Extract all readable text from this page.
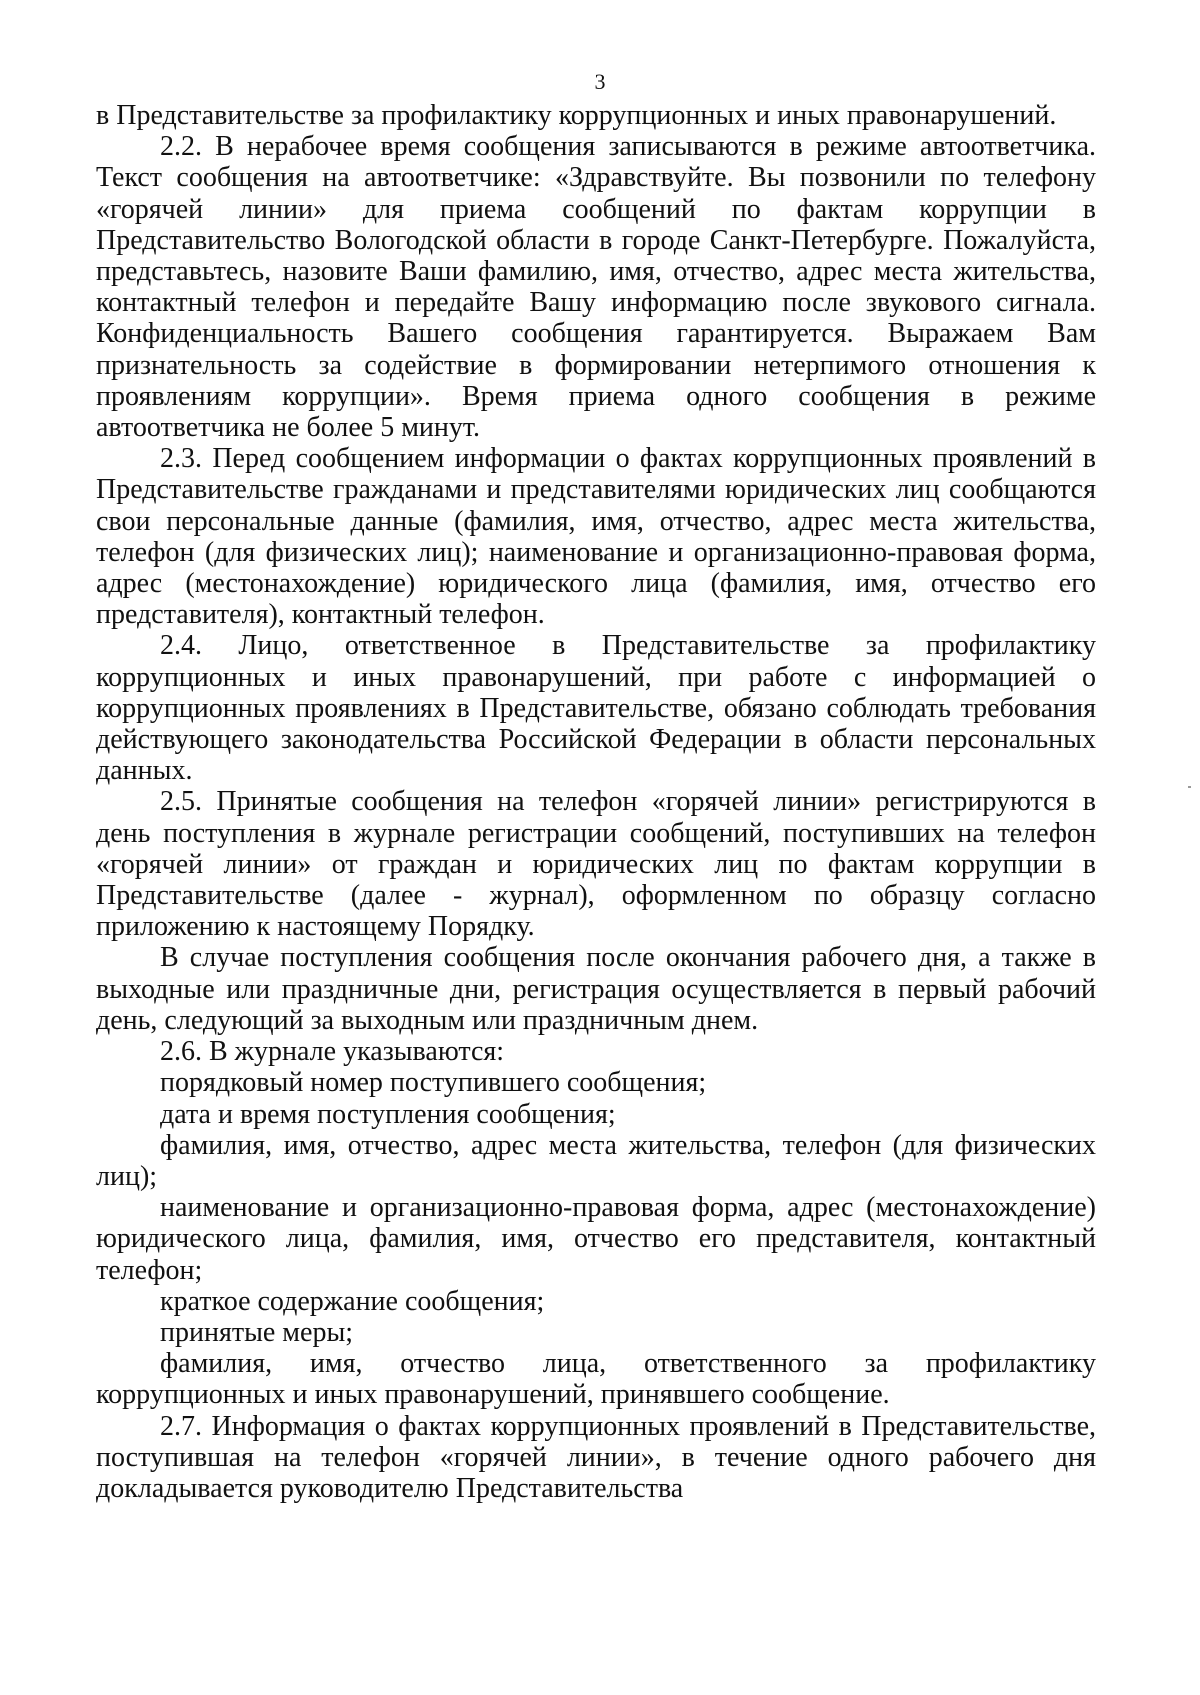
3

в Представительстве за профилактику коррупционных и иных правонарушений.

2.2. В нерабочее время сообщения записываются в режиме автоответчика. Текст сообщения на автоответчике: «Здравствуйте. Вы позвонили по телефону «горячей линии» для приема сообщений по фактам коррупции в Представительство Вологодской области в городе Санкт-Петербурге. Пожалуйста, представьтесь, назовите Ваши фамилию, имя, отчество, адрес места жительства, контактный телефон и передайте Вашу информацию после звукового сигнала. Конфиденциальность Вашего сообщения гарантируется. Выражаем Вам признательность за содействие в формировании нетерпимого отношения к проявлениям коррупции». Время приема одного сообщения в режиме автоответчика не более 5 минут.

2.3. Перед сообщением информации о фактах коррупционных проявлений в Представительстве гражданами и представителями юридических лиц сообщаются свои персональные данные (фамилия, имя, отчество, адрес места жительства, телефон (для физических лиц); наименование и организационно-правовая форма, адрес (местонахождение) юридического лица (фамилия, имя, отчество его представителя), контактный телефон.

2.4. Лицо, ответственное в Представительстве за профилактику коррупционных и иных правонарушений, при работе с информацией о коррупционных проявлениях в Представительстве, обязано соблюдать требования действующего законодательства Российской Федерации в области персональных данных.

2.5. Принятые сообщения на телефон «горячей линии» регистрируются в день поступления в журнале регистрации сообщений, поступивших на телефон «горячей линии» от граждан и юридических лиц по фактам коррупции в Представительстве (далее - журнал), оформленном по образцу согласно приложению к настоящему Порядку.

В случае поступления сообщения после окончания рабочего дня, а также в выходные или праздничные дни, регистрация осуществляется в первый рабочий день, следующий за выходным или праздничным днем.

2.6. В журнале указываются:

порядковый номер поступившего сообщения;

дата и время поступления сообщения;

фамилия, имя, отчество, адрес места жительства, телефон (для физических лиц);

наименование и организационно-правовая форма, адрес (местонахождение) юридического лица, фамилия, имя, отчество его представителя, контактный телефон;

краткое содержание сообщения;

принятые меры;

фамилия, имя, отчество лица, ответственного за профилактику коррупционных и иных правонарушений, принявшего сообщение.

2.7. Информация о фактах коррупционных проявлений в Представительстве, поступившая на телефон «горячей линии», в течение одного рабочего дня докладывается руководителю Представительства
